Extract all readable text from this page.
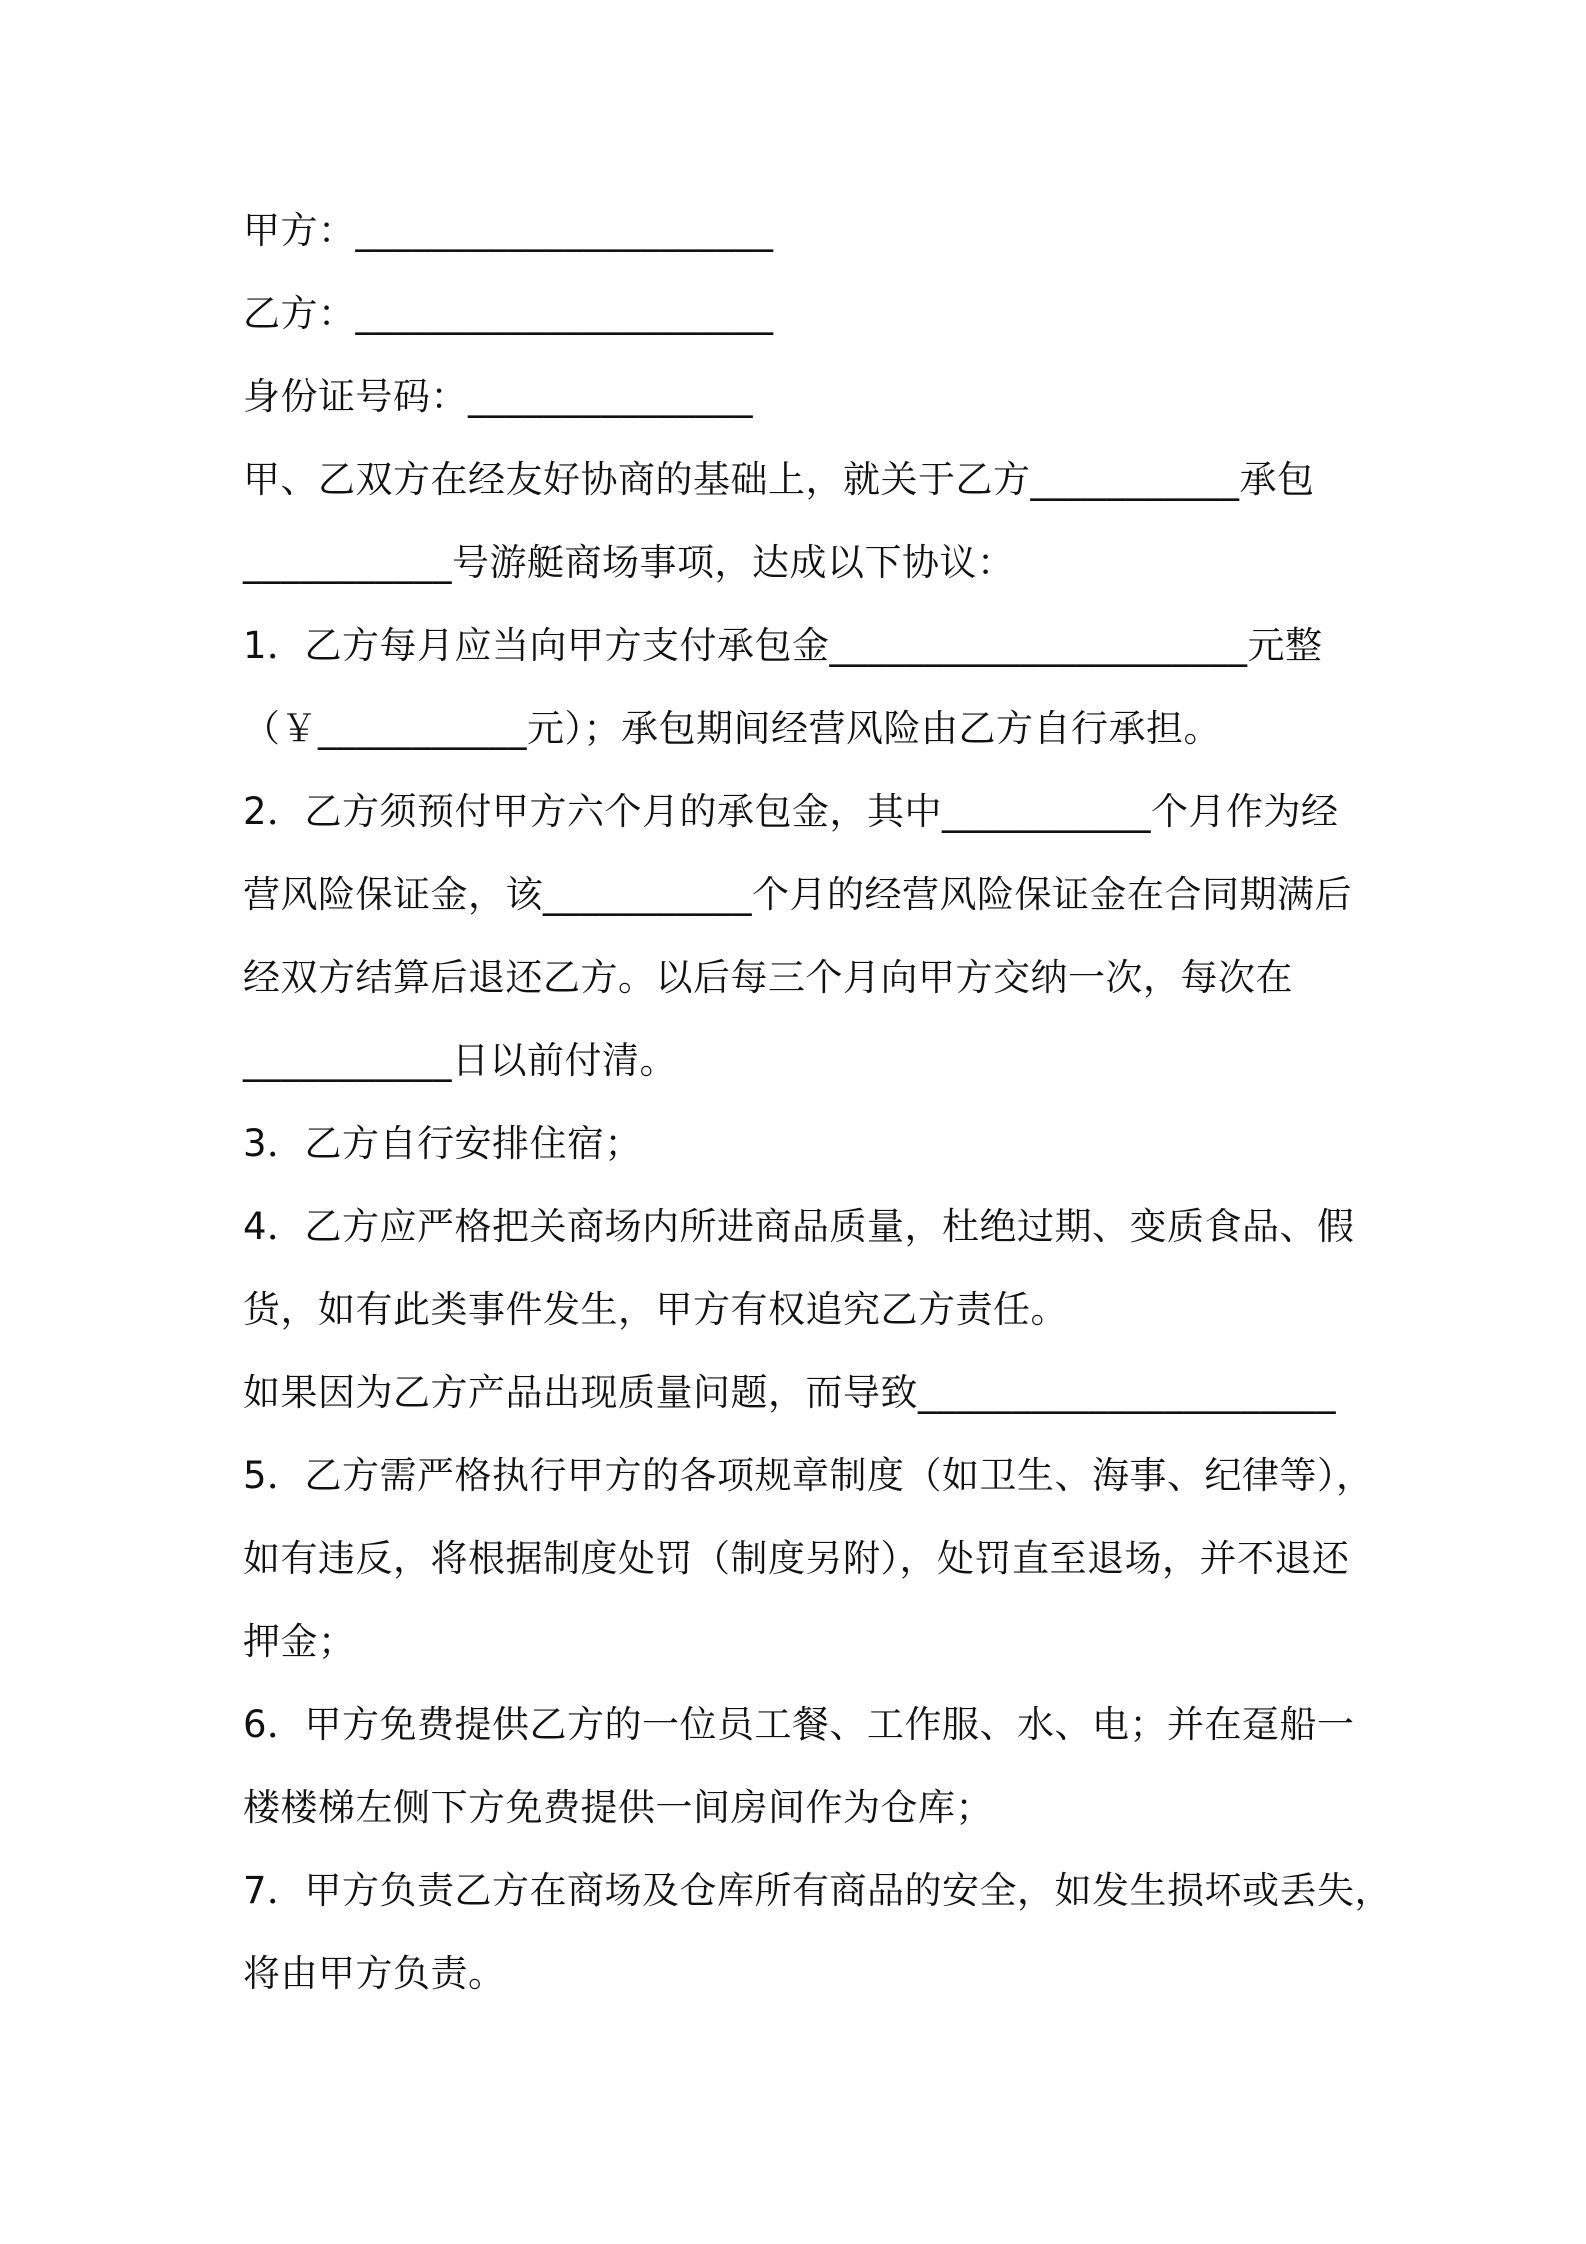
甲方：______________________
乙方：______________________
身份证号码：_______________
甲、乙双方在经友好协商的基础上，就关于乙方___________承包
___________号游艇商场事项，达成以下协议：
1．乙方每月应当向甲方支付承包金______________________元整
（￥___________元）；承包期间经营风险由乙方自行承担。
2．乙方须预付甲方六个月的承包金，其中___________个月作为经
营风险保证金，该___________个月的经营风险保证金在合同期满后
经双方结算后退还乙方。以后每三个月向甲方交纳一次，每次在
___________日以前付清。
3．乙方自行安排住宿；
4．乙方应严格把关商场内所进商品质量，杜绝过期、变质食品、假
货，如有此类事件发生，甲方有权追究乙方责任。
如果因为乙方产品出现质量问题，而导致______________________
5．乙方需严格执行甲方的各项规章制度（如卫生、海事、纪律等），
如有违反，将根据制度处罚（制度另附），处罚直至退场，并不退还
押金；
6．甲方免费提供乙方的一位员工餐、工作服、水、电；并在趸船一
楼楼梯左侧下方免费提供一间房间作为仓库；
7．甲方负责乙方在商场及仓库所有商品的安全，如发生损坏或丢失，
将由甲方负责。
